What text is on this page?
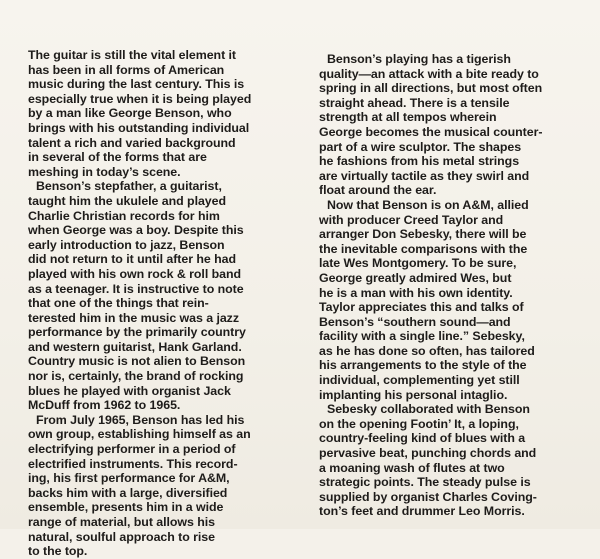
The guitar is still the vital element it
has been in all forms of American
music during the last century. This is
especially true when it is being played
by a man like George Benson, who
brings with his outstanding individual
talent a rich and varied background
in several of the forms that are
meshing in today’s scene.
Benson’s stepfather, a guitarist,
taught him the ukulele and played
Charlie Christian records for him
when George was a boy. Despite this
early introduction to jazz, Benson
did not return to it until after he had
played with his own rock & roll band
as a teenager. It is instructive to note
that one of the things that rein-
terested him in the music was a jazz
performance by the primarily country
and western guitarist, Hank Garland.
Country music is not alien to Benson
nor is, certainly, the brand of rocking
blues he played with organist Jack
McDuff from 1962 to 1965.
From July 1965, Benson has led his
own group, establishing himself as an
electrifying performer in a period of
electrified instruments. This record-
ing, his first performance for A&M,
backs him with a large, diversified
ensemble, presents him in a wide
range of material, but allows his
natural, soulful approach to rise
to the top.
Benson’s playing has a tigerish
quality—an attack with a bite ready to
spring in all directions, but most often
straight ahead. There is a tensile
strength at all tempos wherein
George becomes the musical counter-
part of a wire sculptor. The shapes
he fashions from his metal strings
are virtually tactile as they swirl and
float around the ear.
Now that Benson is on A&M, allied
with producer Creed Taylor and
arranger Don Sebesky, there will be
the inevitable comparisons with the
late Wes Montgomery. To be sure,
George greatly admired Wes, but
he is a man with his own identity.
Taylor appreciates this and talks of
Benson’s “southern sound—and
facility with a single line.” Sebesky,
as he has done so often, has tailored
his arrangements to the style of the
individual, complementing yet still
implanting his personal intaglio.
Sebesky collaborated with Benson
on the opening Footin’ It, a loping,
country-feeling kind of blues with a
pervasive beat, punching chords and
a moaning wash of flutes at two
strategic points. The steady pulse is
supplied by organist Charles Coving-
ton’s feet and drummer Leo Morris.
